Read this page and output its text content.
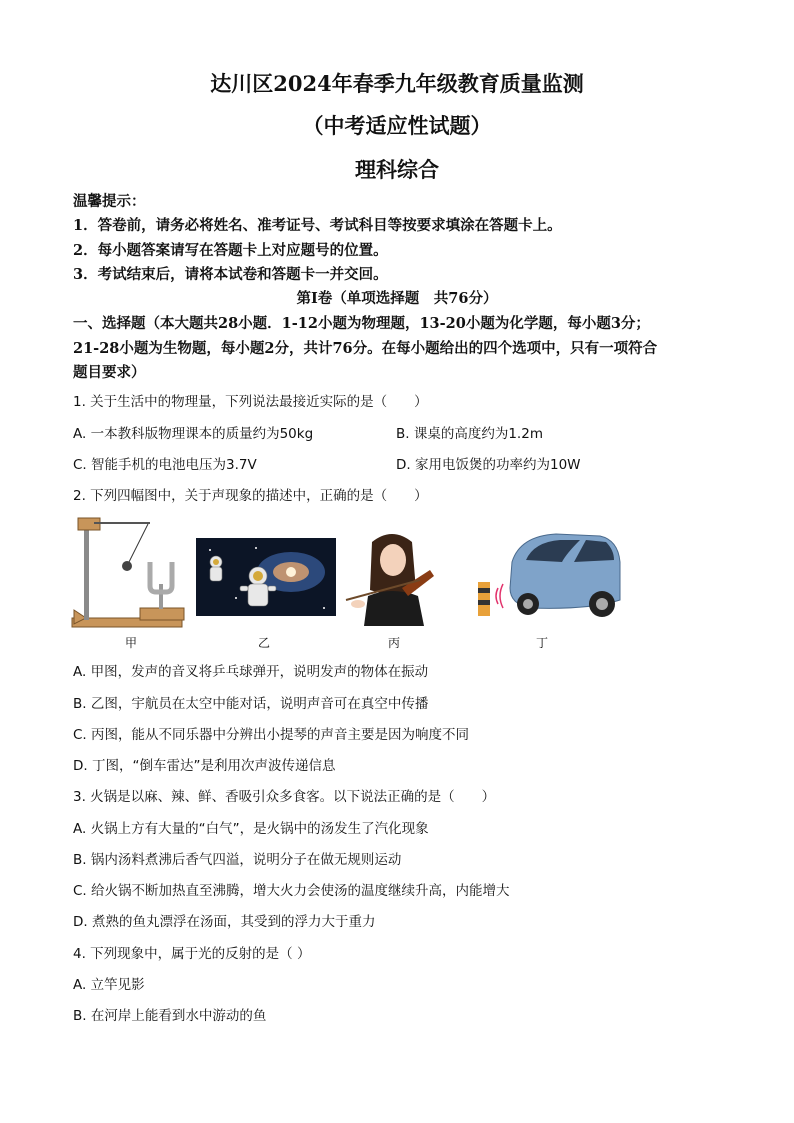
达川区2024年春季九年级教育质量监测
（中考适应性试题）
理科综合
温馨提示：
1．答卷前，请务必将姓名、准考证号、考试科目等按要求填涂在答题卡上。
2．每小题答案请写在答题卡上对应题号的位置。
3．考试结束后，请将本试卷和答题卡一并交回。
第Ⅰ卷（单项选择题　共76分）
一、选择题（本大题共28小题．1-12小题为物理题，13-20小题为化学题，每小题3分；
21-28小题为生物题，每小题2分，共计76分。在每小题给出的四个选项中，只有一项符合
题目要求）
1. 关于生活中的物理量，下列说法最接近实际的是（　　）
A. 一本教科版物理课本的质量约为50kg	B. 课桌的高度约为1.2m
C. 智能手机的电池电压为3.7V	D. 家用电饭煲的功率约为10W
2. 下列四幅图中，关于声现象的描述中，正确的是（　　）
甲	乙	丙	丁
A. 甲图，发声的音叉将乒乓球弹开，说明发声的物体在振动
B. 乙图，宇航员在太空中能对话，说明声音可在真空中传播
C. 丙图，能从不同乐器中分辨出小提琴的声音主要是因为响度不同
D. 丁图，“倒车雷达”是利用次声波传递信息
3. 火锅是以麻、辣、鲜、香吸引众多食客。以下说法正确的是（　　）
A. 火锅上方有大量的“白气”，是火锅中的汤发生了汽化现象
B. 锅内汤料煮沸后香气四溢，说明分子在做无规则运动
C. 给火锅不断加热直至沸腾，增大火力会使汤的温度继续升高，内能增大
D. 煮熟的鱼丸漂浮在汤面，其受到的浮力大于重力
4. 下列现象中，属于光的反射的是（ ）
A. 立竿见影
B. 在河岸上能看到水中游动的鱼
